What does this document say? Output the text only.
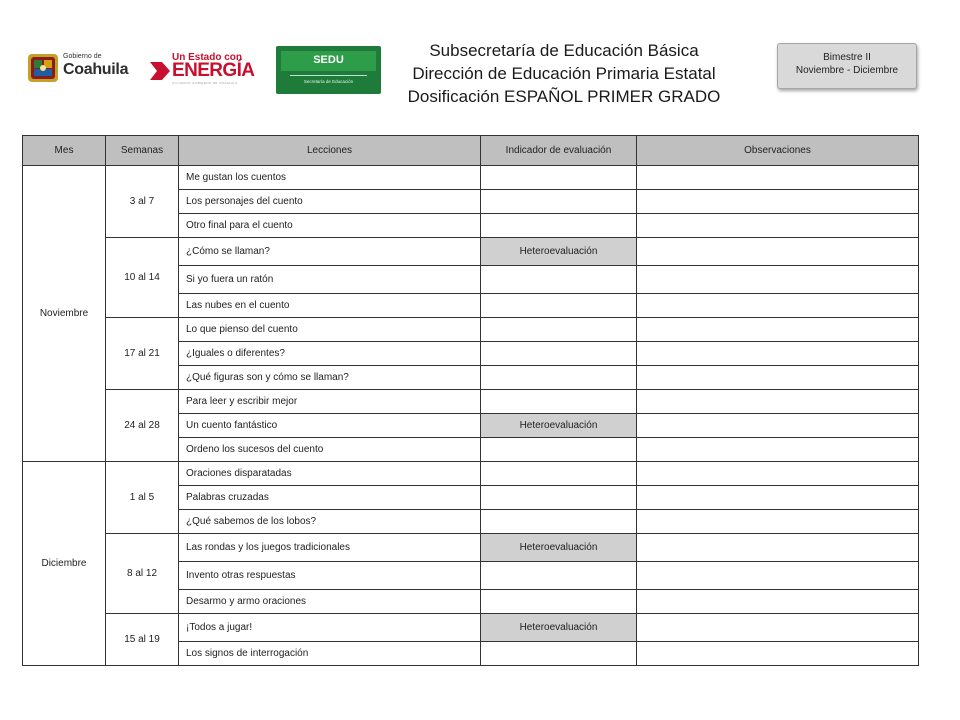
Gobierno de
Coahuila
Un Estado con
ENERGÍA
UN NUEVO GOBIERNO DE COAHUILA
SEDU
Secretaría de Educación
Subsecretaría de Educación Básica
Dirección de Educación Primaria Estatal
Dosificación ESPAÑOL PRIMER GRADO
Bimestre II
Noviembre - Diciembre
Mes	Semanas	Lecciones	Indicador de evaluación	Observaciones
Noviembre	3 al 7	Me gustan los cuentos		
		Los personajes del cuento		
		Otro final para el cuento		
	10 al 14	¿Cómo se llaman?	Heteroevaluación	
		Si yo fuera un ratón		
		Las nubes en el cuento		
	17 al 21	Lo que pienso del cuento		
		¿Iguales o diferentes?		
		¿Qué figuras son y cómo se llaman?		
	24 al 28	Para leer y escribir mejor		
		Un cuento fantástico	Heteroevaluación	
		Ordeno los sucesos del cuento		
Diciembre	1 al 5	Oraciones disparatadas		
		Palabras cruzadas		
		¿Qué sabemos de los lobos?		
	8 al 12	Las rondas y los juegos tradicionales	Heteroevaluación	
		Invento otras respuestas		
		Desarmo y armo oraciones		
	15 al 19	¡Todos a jugar!	Heteroevaluación	
		Los signos de interrogación		
